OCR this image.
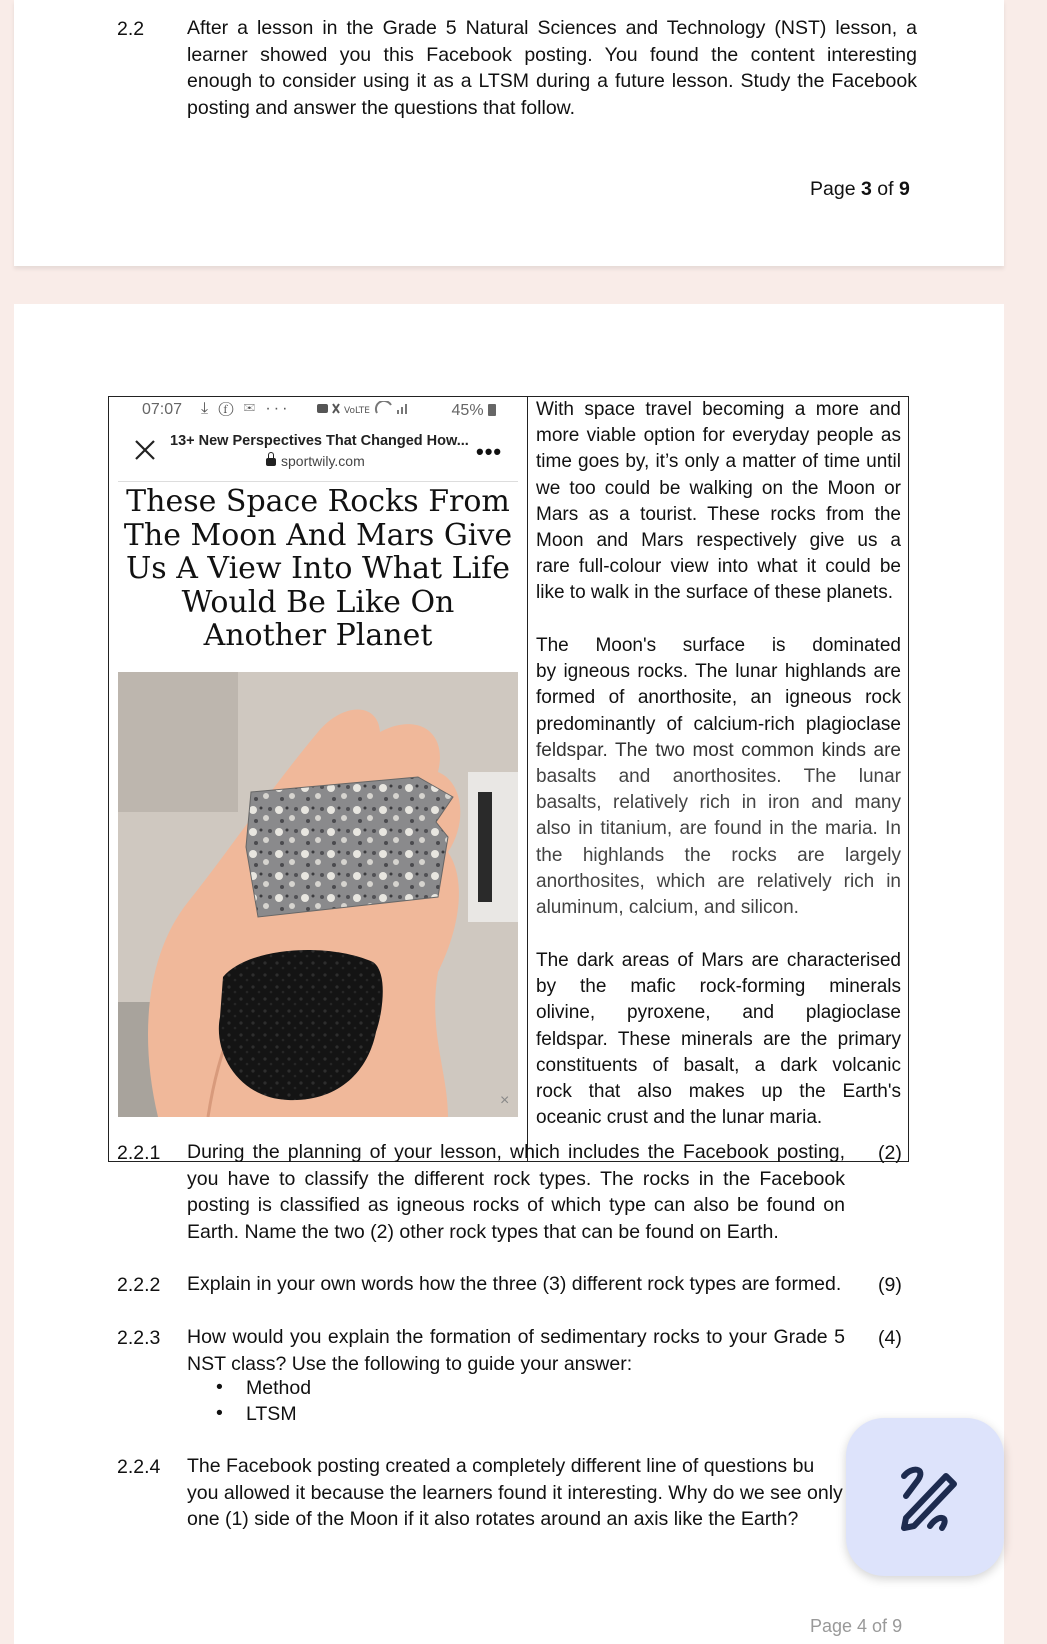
2.2 After a lesson in the Grade 5 Natural Sciences and Technology (NST) lesson, a
learner showed you this Facebook posting. You found the content interesting
enough to consider using it as a LTSM during a future lesson. Study the Facebook
posting and answer the questions that follow.
Page 3 of 9
07:07 ⤓ ⓕ ✉ ···	VoLTE	45%
13+ New Perspectives That Changed How...
sportwily.com	•••
These Space Rocks From
The Moon And Mars Give
Us A View Into What Life
Would Be Like On
Another Planet
×
With space travel becoming a more and
more viable option for everyday people as
time goes by, it’s only a matter of time until
we too could be walking on the Moon or
Mars as a tourist. These rocks from the
Moon and Mars respectively give us a
rare full-colour view into what it could be
like to walk in the surface of these planets.
The Moon's surface is dominated
by igneous rocks. The lunar highlands are
formed of anorthosite, an igneous rock
predominantly of calcium-rich plagioclase
feldspar. The two most common kinds are
basalts and anorthosites. The lunar
basalts, relatively rich in iron and many
also in titanium, are found in the maria. In
the highlands the rocks are largely
anorthosites, which are relatively rich in
aluminum, calcium, and silicon.
The dark areas of Mars are characterised
by the mafic rock-forming minerals
olivine, pyroxene, and plagioclase
feldspar. These minerals are the primary
constituents of basalt, a dark volcanic
rock that also makes up the Earth's
oceanic crust and the lunar maria.
2.2.1 During the planning of your lesson, which includes the Facebook posting,
you have to classify the different rock types. The rocks in the Facebook
posting is classified as igneous rocks of which type can also be found on
Earth. Name the two (2) other rock types that can be found on Earth.
(2)
2.2.2 Explain in your own words how the three (3) different rock types are formed.	(9)
2.2.3 How would you explain the formation of sedimentary rocks to your Grade 5
NST class? Use the following to guide your answer:
(4)
• Method
• LTSM
2.2.4 The Facebook posting created a completely different line of questions bu
you allowed it because the learners found it interesting. Why do we see only
one (1) side of the Moon if it also rotates around an axis like the Earth?
Page 4 of 9
